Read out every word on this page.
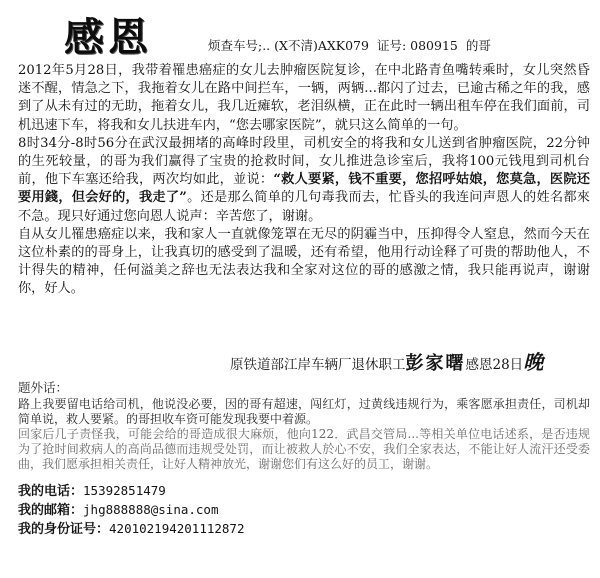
感恩	烦查车号;.. (X不清)AXK079 证号: 080915 的哥

2012年5月28日，我带着罹患癌症的女儿去肿瘤医院复诊，在中北路青鱼嘴转乘时，女儿突然昏迷不醒，情急之下，我拖着女儿在路中间拦车，一辆，两辆...都闪了过去，已逾古稀之年的我，感到了从未有过的无助，拖着女儿，我几近瘫软，老泪纵横，正在此时一辆出租车停在我们面前，司机迅速下车，将我和女儿扶进车内，“您去哪家医院”，就只这么简单的一句。

8时34分-8时56分在武汉最拥堵的高峰时段里，司机安全的将我和女儿送到省肿瘤医院，22分钟的生死较量，的哥为我们赢得了宝贵的抢救时间，女儿推进急诊室后，我将100元钱甩到司机台前，他下车塞还给我，两次均如此，並说：“救人要紧，钱不重要，您招呼姑娘，您莫急，医院还要用錢，但会好的，我走了”。还是那么简单的几句毒我而去，忙昏头的我连问声恩人的姓名都來不急。现只好通过您向恩人说声：辛苦您了，谢谢。

自从女儿罹患癌症以来，我和家人一直就像笼罩在无尽的阴霾当中，压抑得令人窒息，然而今天在这位朴素的的哥身上，让我真切的感受到了温暖，还有希望，他用行动诠释了可贵的帮助他人，不计得失的精神，任何溢美之辞也无法表达我和全家对这位的哥的感激之情，我只能再说声，谢谢你，好人。

原铁道部江岸车辆厂退休职工彭家曙感恩28日晚
题外话：

路上我要留电话给司机，他说没必要，因的哥有超速，闯红灯，过黄线违规行为，乘客愿承担责任，司机却简单说，救人要紧。的哥担收车资可能发现我要中着源。

回家后几子责怪我，可能会给的哥造成很大麻烦，他向122．武昌交管局...等相关单位电话述系，是否违规为了抢时间救病人的高尚品德而违规受处罚，而让被救人於心不安，我们全家表达，不能让好人流汗还受委曲，我们愿承担相关责任，让好人精神放光，谢谢您们有这么好的员工，谢谢。

我的电话：15392851479
我的邮箱：jhg888888@sina.com
我的身份证号：420102194201112872
